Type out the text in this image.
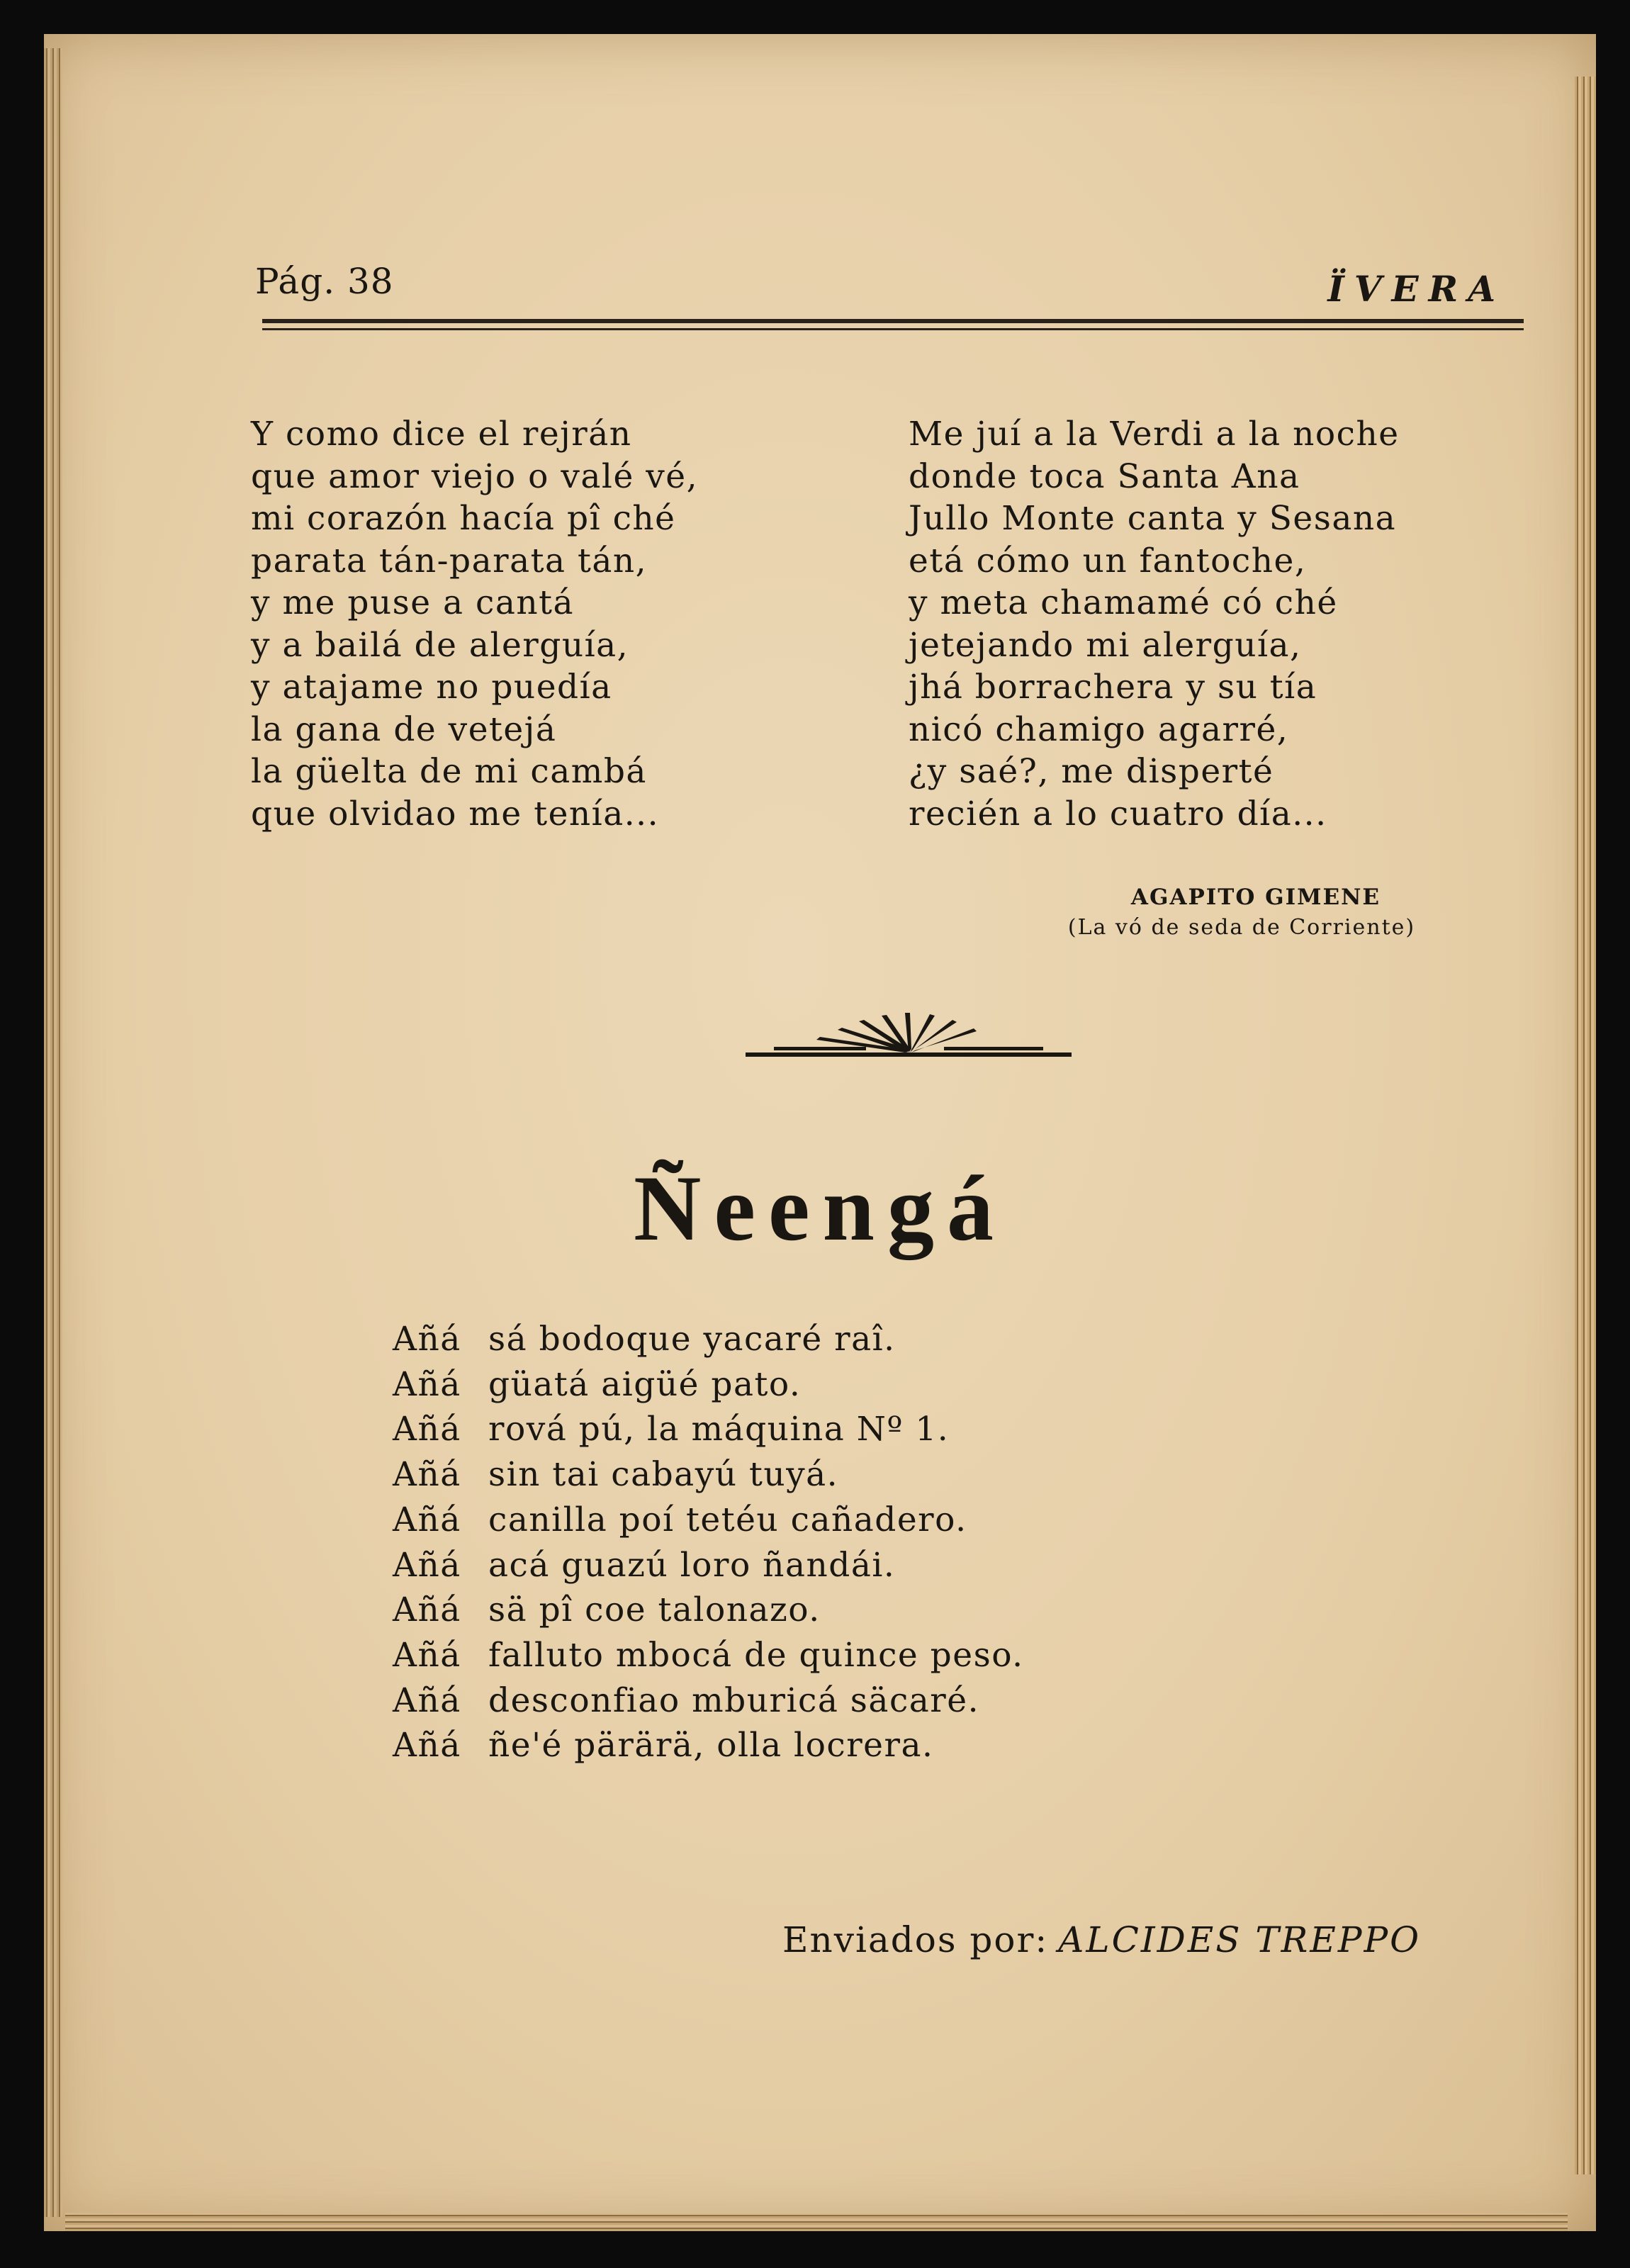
Pág. 38	ÏVERA
Y como dice el rejrán
que amor viejo o valé vé,
mi corazón hacía pî ché
parata tán-parata tán,
y me puse a cantá
y a bailá de alerguía,
y atajame no puedía
la gana de vetejá
la güelta de mi cambá
que olvidao me tenía...
Me juí a la Verdi a la noche
donde toca Santa Ana
Jullo Monte canta y Sesana
etá cómo un fantoche,
y meta chamamé có ché
jetejando mi alerguía,
jhá borrachera y su tía
nicó chamigo agarré,
¿y saé?, me disperté
recién a lo cuatro día...
AGAPITO GIMENE
(La vó de seda de Corriente)
Ñeengá
Añá sá bodoque yacaré raî.
Añá güatá aigüé pato.
Añá rová pú, la máquina Nº 1.
Añá sin tai cabayú tuyá.
Añá canilla poí tetéu cañadero.
Añá acá guazú loro ñandái.
Añá sä pî coe talonazo.
Añá falluto mbocá de quince peso.
Añá desconfiao mburicá säcaré.
Añá ñe'é pärärä, olla locrera.
Enviados por: ALCIDES TREPPO
